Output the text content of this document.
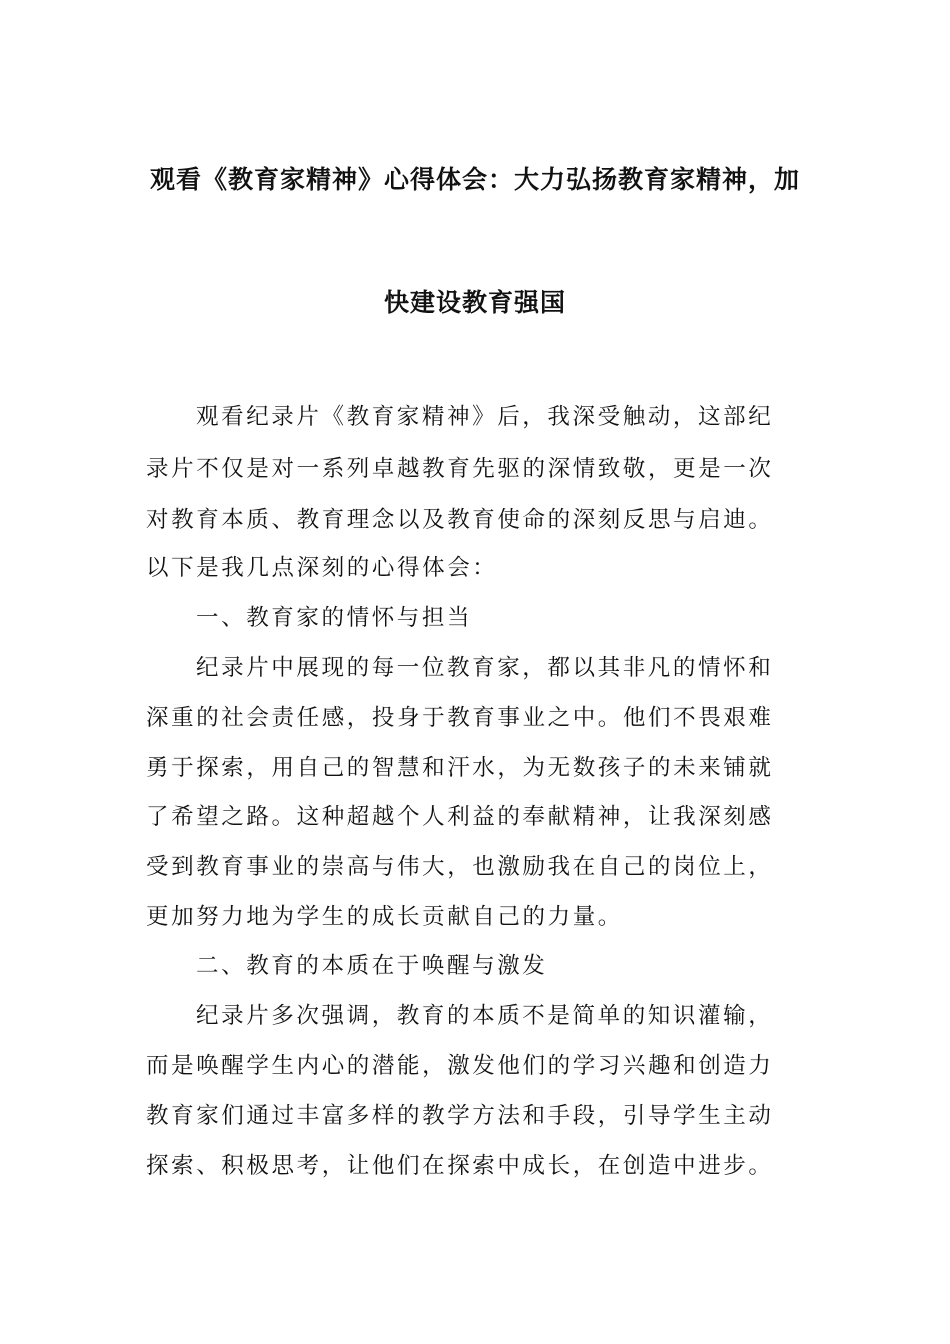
观看《教育家精神》心得体会：大力弘扬教育家精神，加
快建设教育强国
观看纪录片《教育家精神》后，我深受触动，这部纪
录片不仅是对一系列卓越教育先驱的深情致敬，更是一次
对教育本质、教育理念以及教育使命的深刻反思与启迪。
以下是我几点深刻的心得体会：
一、教育家的情怀与担当
纪录片中展现的每一位教育家，都以其非凡的情怀和
深重的社会责任感，投身于教育事业之中。他们不畏艰难
勇于探索，用自己的智慧和汗水，为无数孩子的未来铺就
了希望之路。这种超越个人利益的奉献精神，让我深刻感
受到教育事业的崇高与伟大，也激励我在自己的岗位上，
更加努力地为学生的成长贡献自己的力量。
二、教育的本质在于唤醒与激发
纪录片多次强调，教育的本质不是简单的知识灌输，
而是唤醒学生内心的潜能，激发他们的学习兴趣和创造力
教育家们通过丰富多样的教学方法和手段，引导学生主动
探索、积极思考，让他们在探索中成长，在创造中进步。
